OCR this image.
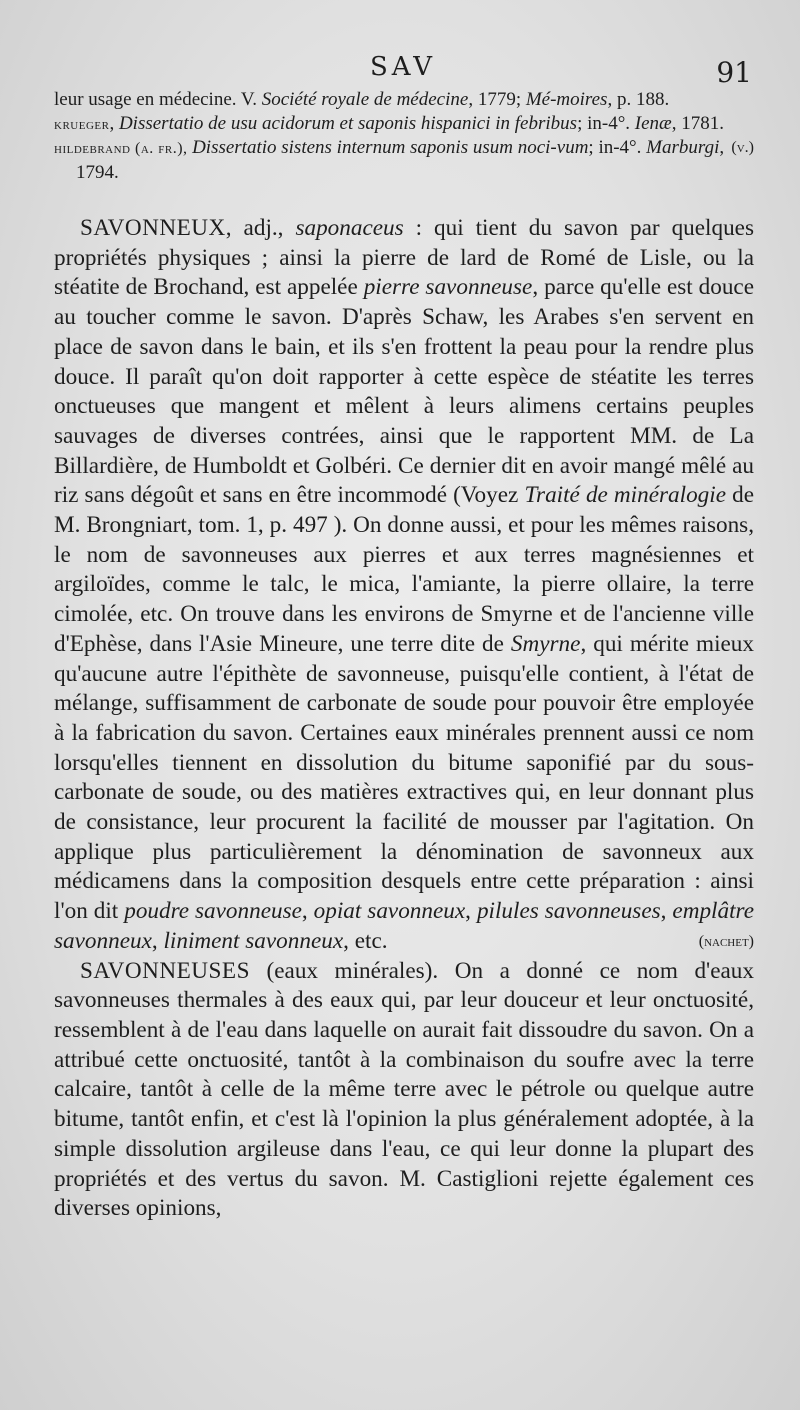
SAV	91

leur usage en médecine. V. Société royale de médecine, 1779; Mé-moires, p. 188.

krueger, Dissertatio de usu acidorum et saponis hispanici in febribus; in-4°. Ienæ, 1781.

(v.)
hildebrand (a. fr.), Dissertatio sistens internum saponis usum noci-vum; in-4°. Marburgi, 1794.

SAVONNEUX, adj., saponaceus : qui tient du savon par quelques propriétés physiques ; ainsi la pierre de lard de Romé de Lisle, ou la stéatite de Brochand, est appelée pierre savonneuse, parce qu'elle est douce au toucher comme le savon. D'après Schaw, les Arabes s'en servent en place de savon dans le bain, et ils s'en frottent la peau pour la rendre plus douce. Il paraît qu'on doit rapporter à cette espèce de stéatite les terres onctueuses que mangent et mêlent à leurs alimens certains peuples sauvages de diverses contrées, ainsi que le rapportent MM. de La Billardière, de Humboldt et Golbéri. Ce dernier dit en avoir mangé mêlé au riz sans dégoût et sans en être incommodé (Voyez Traité de minéralogie de M. Brongniart, tom. 1, p. 497 ). On donne aussi, et pour les mêmes raisons, le nom de savonneuses aux pierres et aux terres magnésiennes et argiloïdes, comme le talc, le mica, l'amiante, la pierre ollaire, la terre cimolée, etc. On trouve dans les environs de Smyrne et de l'ancienne ville d'Ephèse, dans l'Asie Mineure, une terre dite de Smyrne, qui mérite mieux qu'aucune autre l'épithète de savonneuse, puisqu'elle contient, à l'état de mélange, suffisamment de carbonate de soude pour pouvoir être employée à la fabrication du savon. Certaines eaux minérales prennent aussi ce nom lorsqu'elles tiennent en dissolution du bitume saponifié par du sous-carbonate de soude, ou des matières extractives qui, en leur donnant plus de consistance, leur procurent la facilité de mousser par l'agitation. On applique plus particulièrement la dénomination de savonneux aux médicamens dans la composition desquels entre cette préparation : ainsi l'on dit poudre savonneuse, opiat savonneux, pilules savonneuses, emplâtre savonneux, liniment savonneux, etc.	(nachet)

SAVONNEUSES (eaux minérales). On a donné ce nom d'eaux savonneuses thermales à des eaux qui, par leur douceur et leur onctuosité, ressemblent à de l'eau dans laquelle on aurait fait dissoudre du savon. On a attribué cette onctuosité, tantôt à la combinaison du soufre avec la terre calcaire, tantôt à celle de la même terre avec le pétrole ou quelque autre bitume, tantôt enfin, et c'est là l'opinion la plus généralement adoptée, à la simple dissolution argileuse dans l'eau, ce qui leur donne la plupart des propriétés et des vertus du savon. M. Castiglioni rejette également ces diverses opinions,
